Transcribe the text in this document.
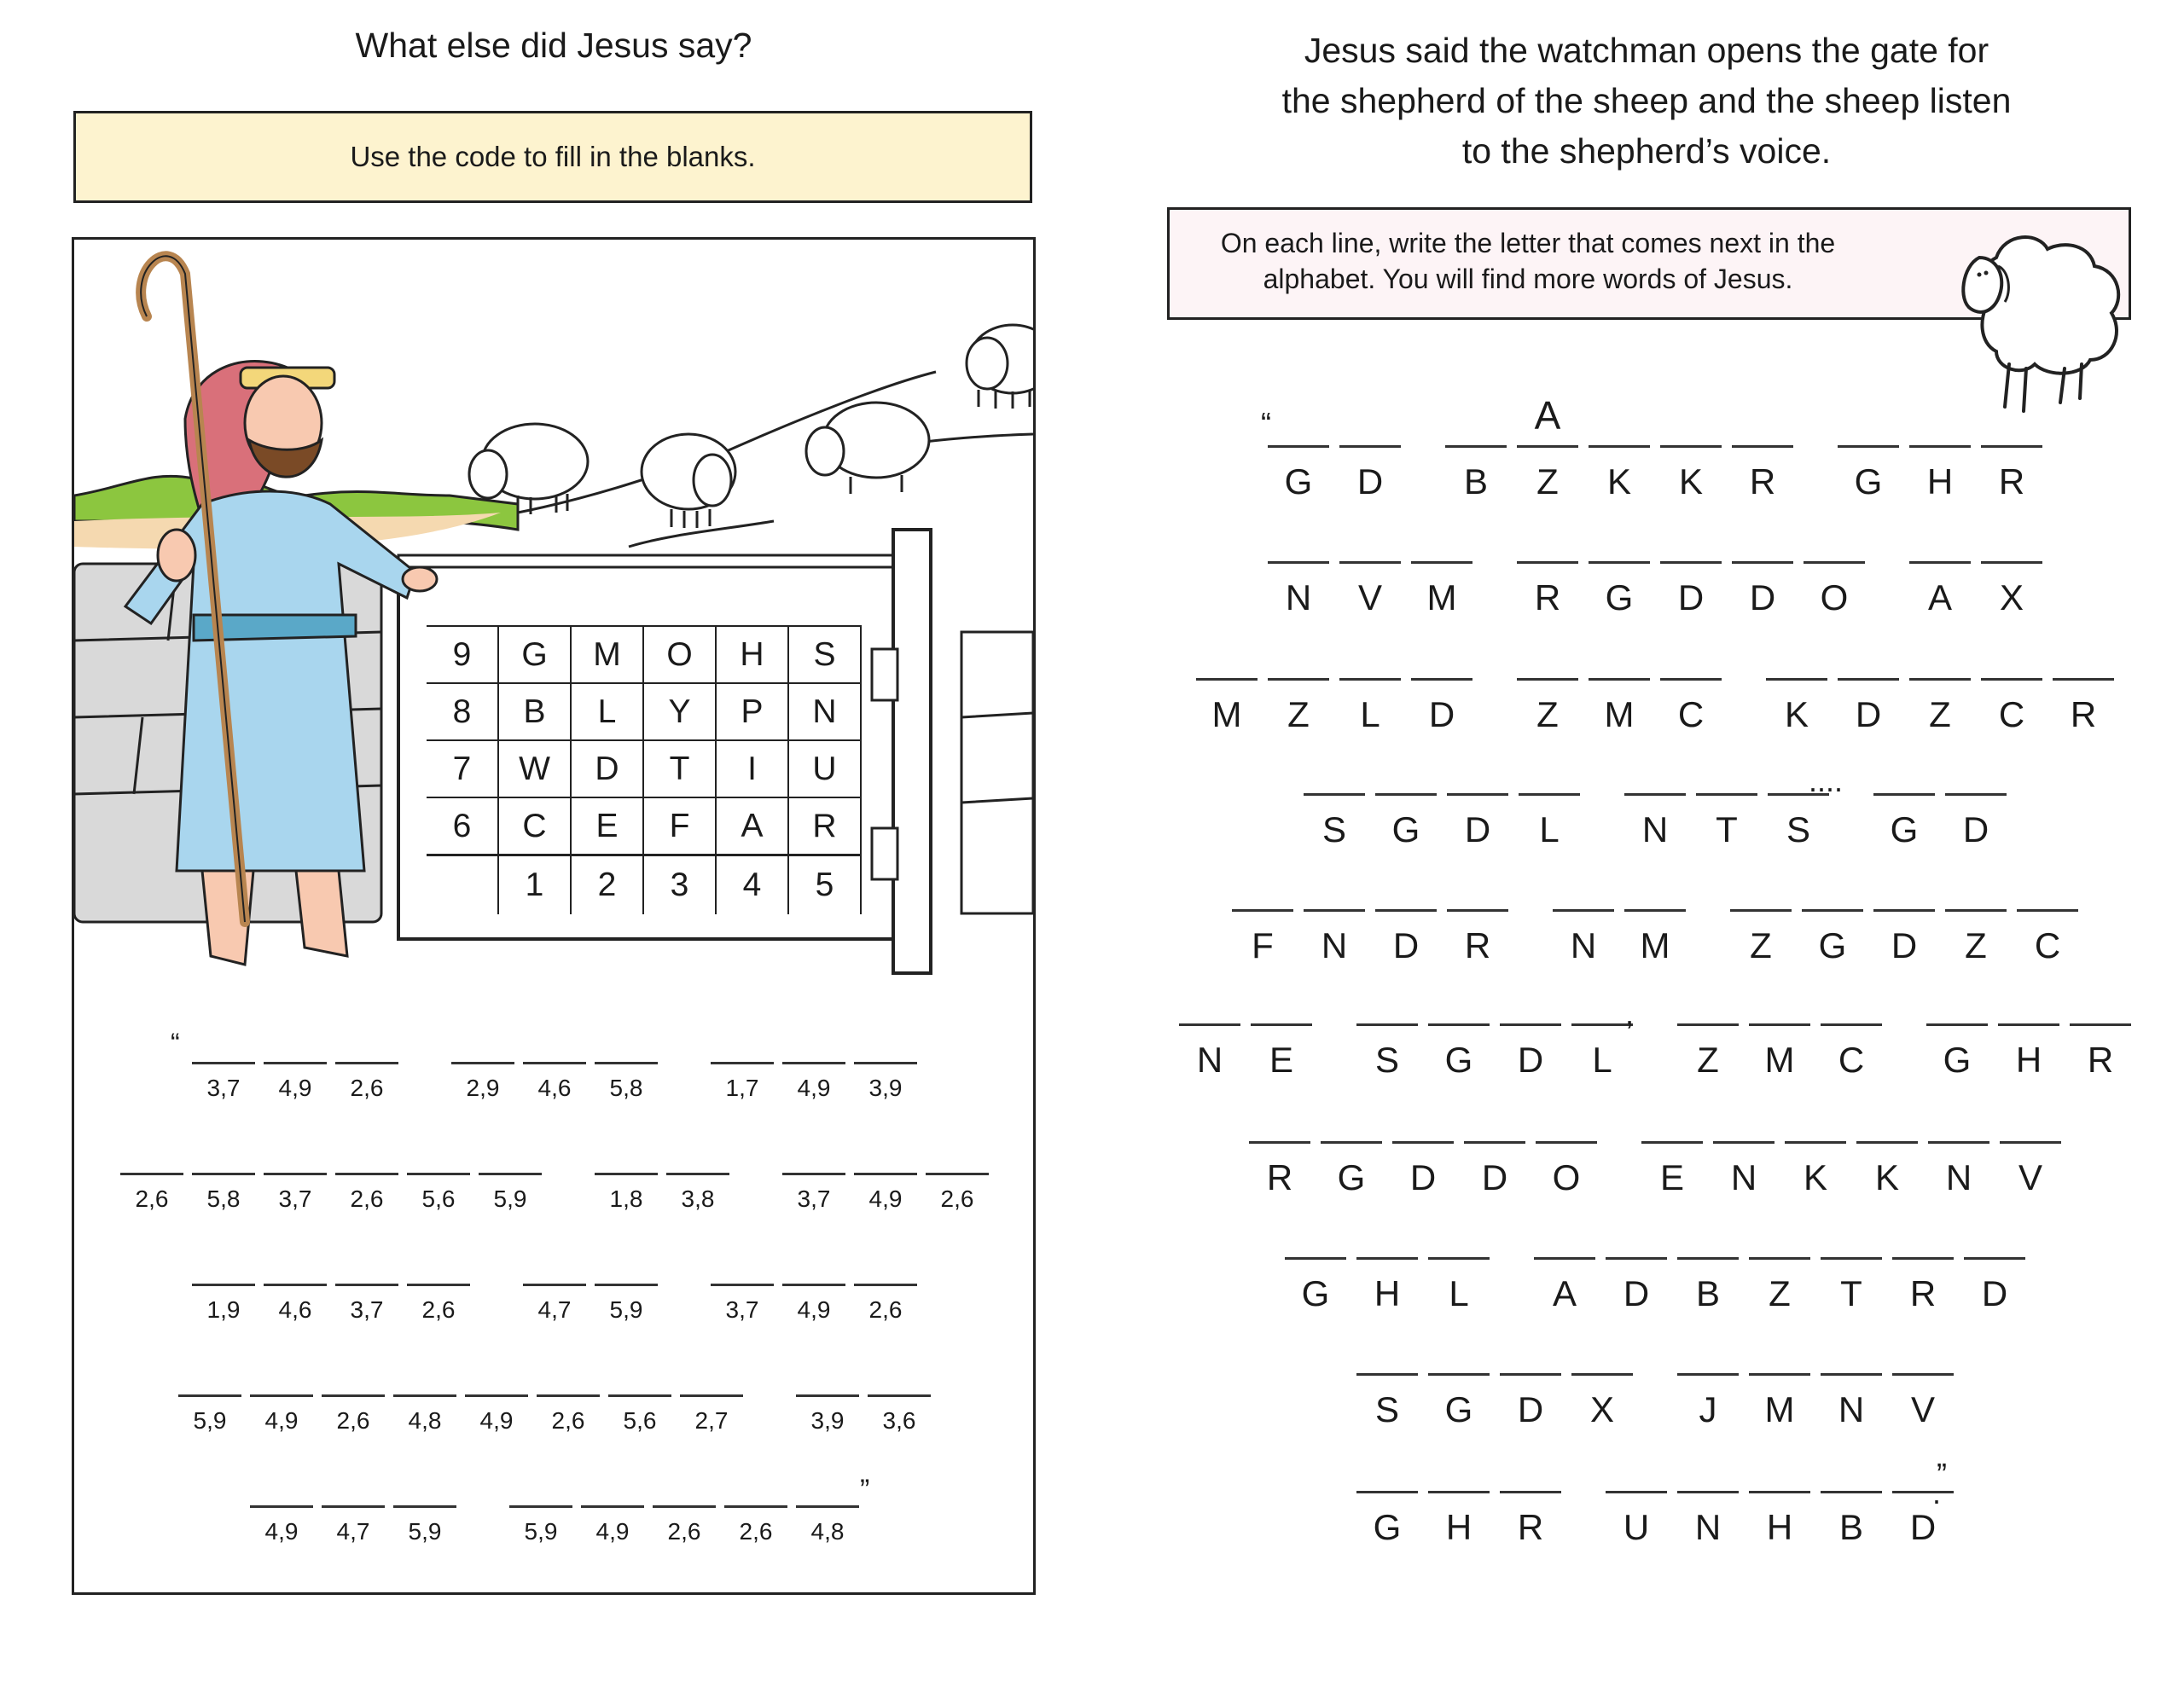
What else did Jesus say?
Use the code to fill in the blanks.
9	G	M	O	H	S
8	B	L	Y	P	N
7	W	D	T	I	U
6	C	E	F	A	R
	1	2	3	4	5
3,7 4,9 2,6	2,9 4,6 5,8	1,7 4,9 3,9
2,6 5,8 3,7 2,6 5,6 5,9	1,8 3,8	3,7 4,9 2,6
1,9 4,6 3,7 2,6	4,7 5,9	3,7 4,9 2,6
5,9 4,9 2,6 4,8 4,9 2,6 5,6 2,7	3,9 3,6
4,9 4,7 5,9	5,9 4,9 2,6 2,6 4,8
“
”
Jesus said the watchman opens the gate for
the shepherd of the sheep and the sheep listen
to the shepherd’s voice.
On each line, write the letter that comes next in the
alphabet. You will find more words of Jesus.
G D B
A
Z K K R G H R
N V M R G D D O A X
M Z L D Z M C K D Z C R
S G D L N T S G D
F N D R N M Z G D Z C
N E S G D L Z M C G H R
R G D D O E N K K N V
G H L A D B Z T R D
S G D X J M N V
G H R U N H B D
“
....
,
”
.
